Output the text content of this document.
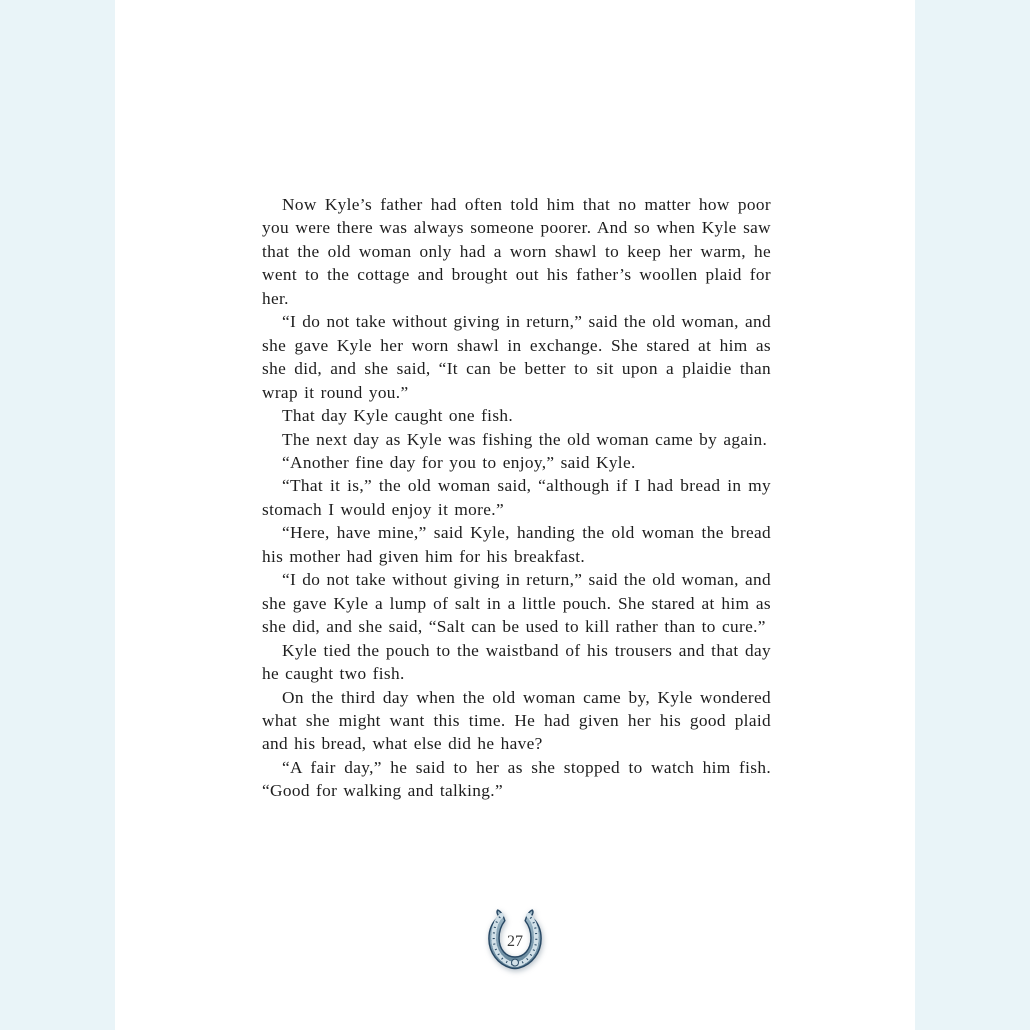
Now Kyle’s father had often told him that no matter how poor you were there was always someone poorer. And so when Kyle saw that the old woman only had a worn shawl to keep her warm, he went to the cottage and brought out his father’s woollen plaid for her.

“I do not take without giving in return,” said the old woman, and she gave Kyle her worn shawl in exchange. She stared at him as she did, and she said, “It can be better to sit upon a plaidie than wrap it round you.”

That day Kyle caught one fish.

The next day as Kyle was fishing the old woman came by again.

“Another fine day for you to enjoy,” said Kyle.

“That it is,” the old woman said, “although if I had bread in my stomach I would enjoy it more.”

“Here, have mine,” said Kyle, handing the old woman the bread his mother had given him for his breakfast.

“I do not take without giving in return,” said the old woman, and she gave Kyle a lump of salt in a little pouch. She stared at him as she did, and she said, “Salt can be used to kill rather than to cure.”

Kyle tied the pouch to the waistband of his trousers and that day he caught two fish.

On the third day when the old woman came by, Kyle wondered what she might want this time. He had given her his good plaid and his bread, what else did he have?

“A fair day,” he said to her as she stopped to watch him fish. “Good for walking and talking.”

27
